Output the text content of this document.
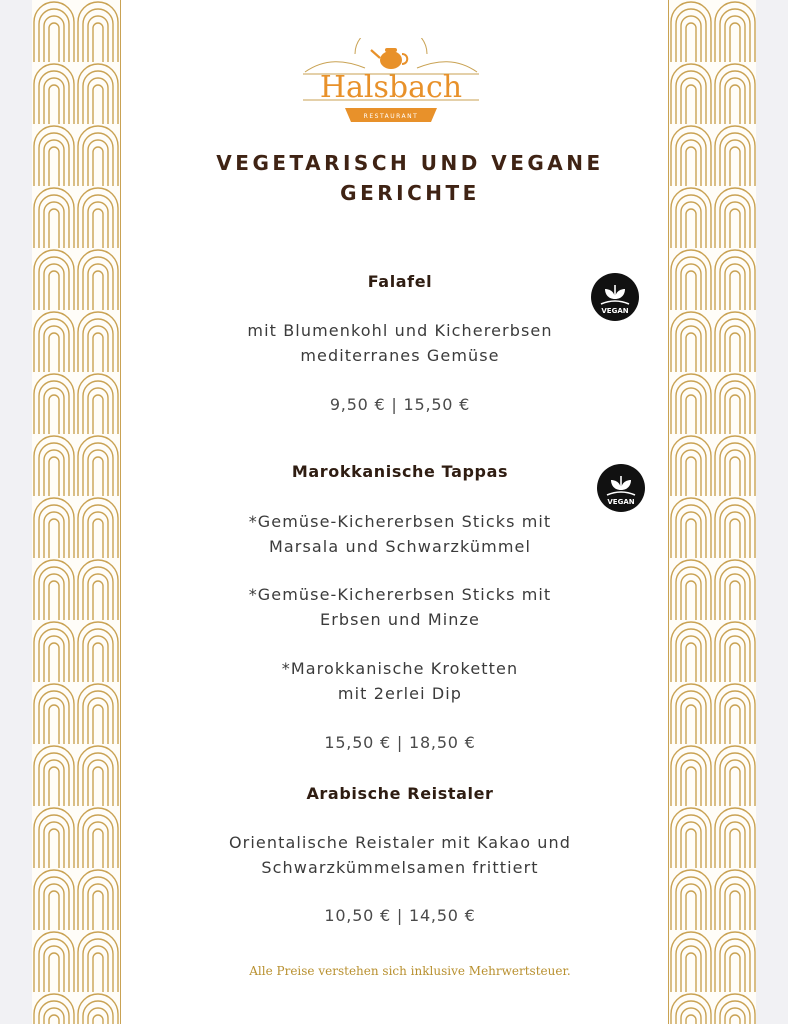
Halsbach
RESTAURANT
VEGETARISCH UND VEGANE
GERICHTE
Falafel
VEGAN
mit Blumenkohl und Kichererbsen
mediterranes Gemüse
9,50 € | 15,50 €
Marokkanische Tappas
VEGAN
*Gemüse-Kichererbsen Sticks mit
Marsala und Schwarzkümmel
*Gemüse-Kichererbsen Sticks mit
Erbsen und Minze
*Marokkanische Kroketten
mit 2erlei Dip
15,50 € | 18,50 €
Arabische Reistaler
Orientalische Reistaler mit Kakao und
Schwarzkümmelsamen frittiert
10,50 € | 14,50 €
Alle Preise verstehen sich inklusive Mehrwertsteuer.
